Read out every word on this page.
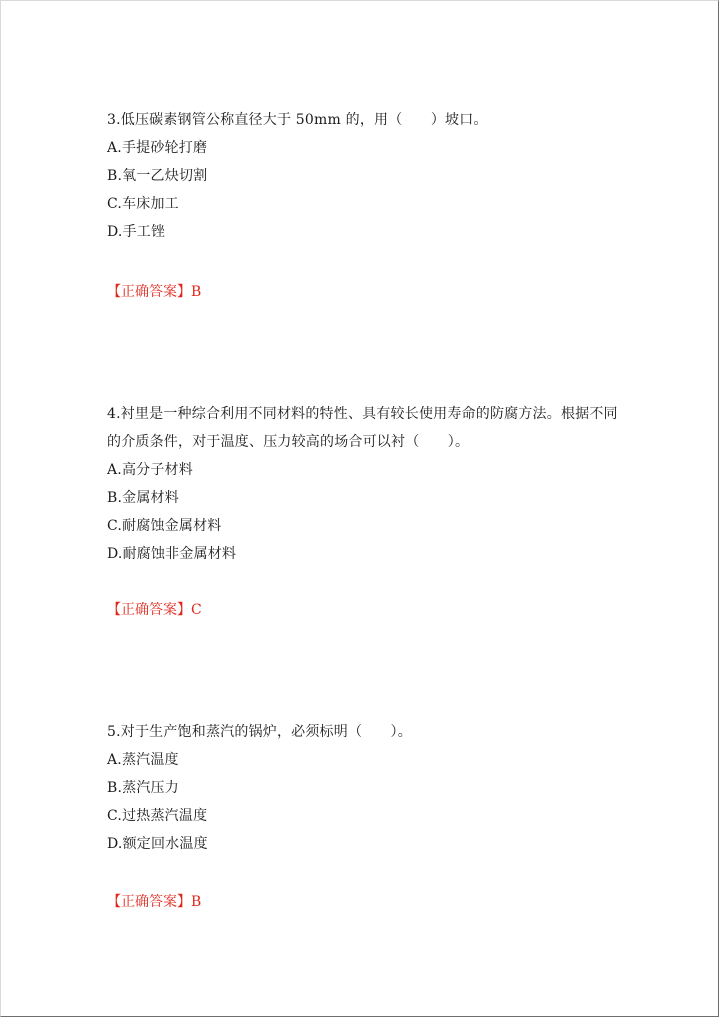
3.低压碳素钢管公称直径大于 50mm 的，用（　　）坡口。

A.手提砂轮打磨

B.氧一乙炔切割

C.车床加工

D.手工锉

【正确答案】B

4.衬里是一种综合利用不同材料的特性、具有较长使用寿命的防腐方法。根据不同的介质条件，对于温度、压力较高的场合可以衬（　　）。

A.高分子材料

B.金属材料

C.耐腐蚀金属材料

D.耐腐蚀非金属材料

【正确答案】C

5.对于生产饱和蒸汽的锅炉，必须标明（　　）。

A.蒸汽温度

B.蒸汽压力

C.过热蒸汽温度

D.额定回水温度

【正确答案】B
